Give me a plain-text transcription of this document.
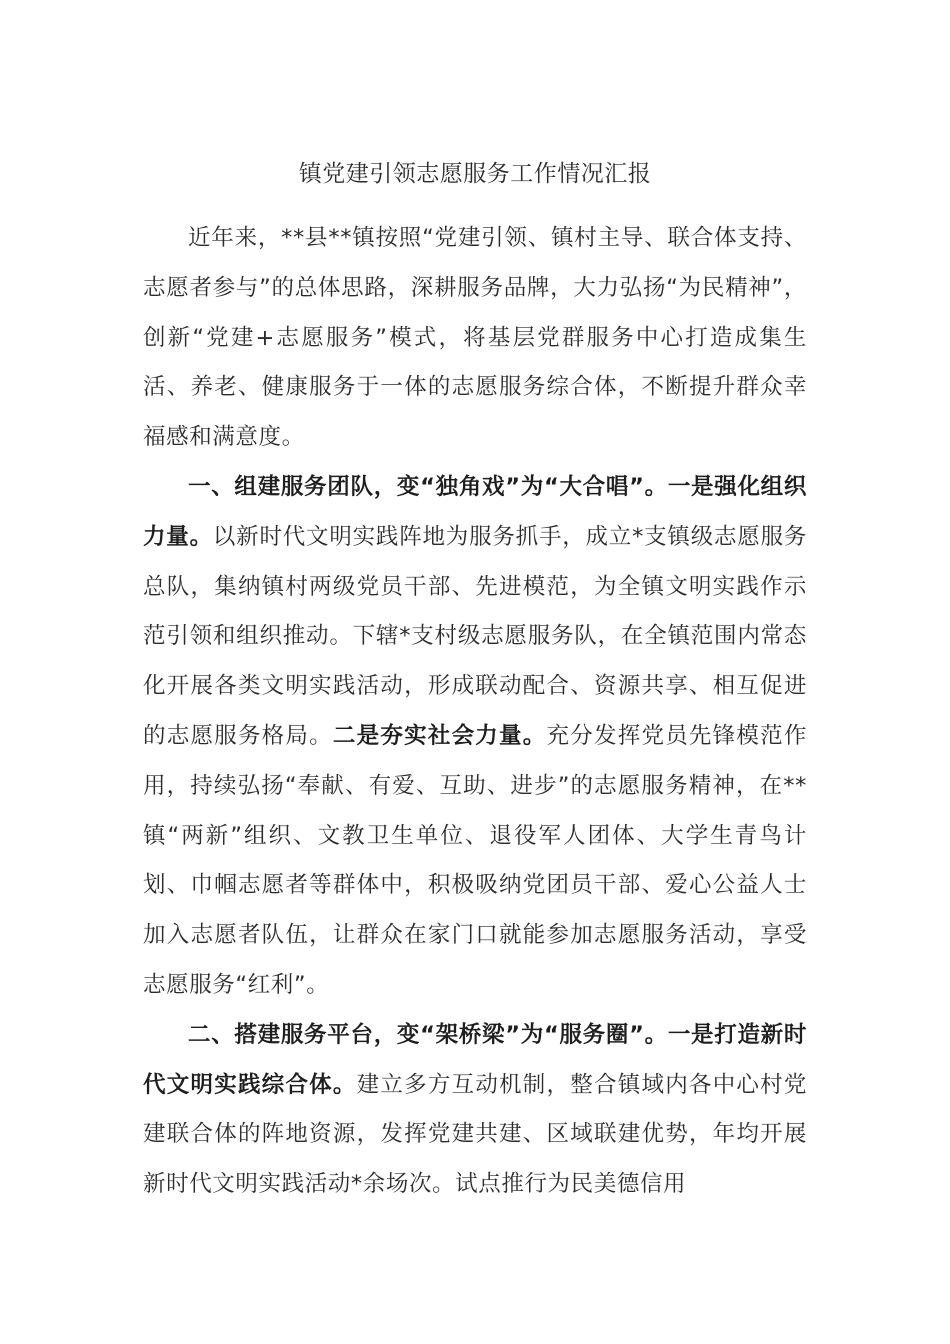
镇党建引领志愿服务工作情况汇报

近年来，**县**镇按照“党建引领、镇村主导、联合体支持、志愿者参与”的总体思路，深耕服务品牌，大力弘扬“为民精神”，创新“党建+志愿服务”模式，将基层党群服务中心打造成集生活、养老、健康服务于一体的志愿服务综合体，不断提升群众幸福感和满意度。

一、组建服务团队，变“独角戏”为“大合唱”。一是强化组织力量。以新时代文明实践阵地为服务抓手，成立*支镇级志愿服务总队，集纳镇村两级党员干部、先进模范，为全镇文明实践作示范引领和组织推动。下辖*支村级志愿服务队，在全镇范围内常态化开展各类文明实践活动，形成联动配合、资源共享、相互促进的志愿服务格局。二是夯实社会力量。充分发挥党员先锋模范作用，持续弘扬“奉献、有爱、互助、进步”的志愿服务精神，在**镇“两新”组织、文教卫生单位、退役军人团体、大学生青鸟计划、巾帼志愿者等群体中，积极吸纳党团员干部、爱心公益人士加入志愿者队伍，让群众在家门口就能参加志愿服务活动，享受志愿服务“红利”。

二、搭建服务平台，变“架桥梁”为“服务圈”。一是打造新时代文明实践综合体。建立多方互动机制，整合镇域内各中心村党建联合体的阵地资源，发挥党建共建、区域联建优势，年均开展新时代文明实践活动*余场次。试点推行为民美德信用
